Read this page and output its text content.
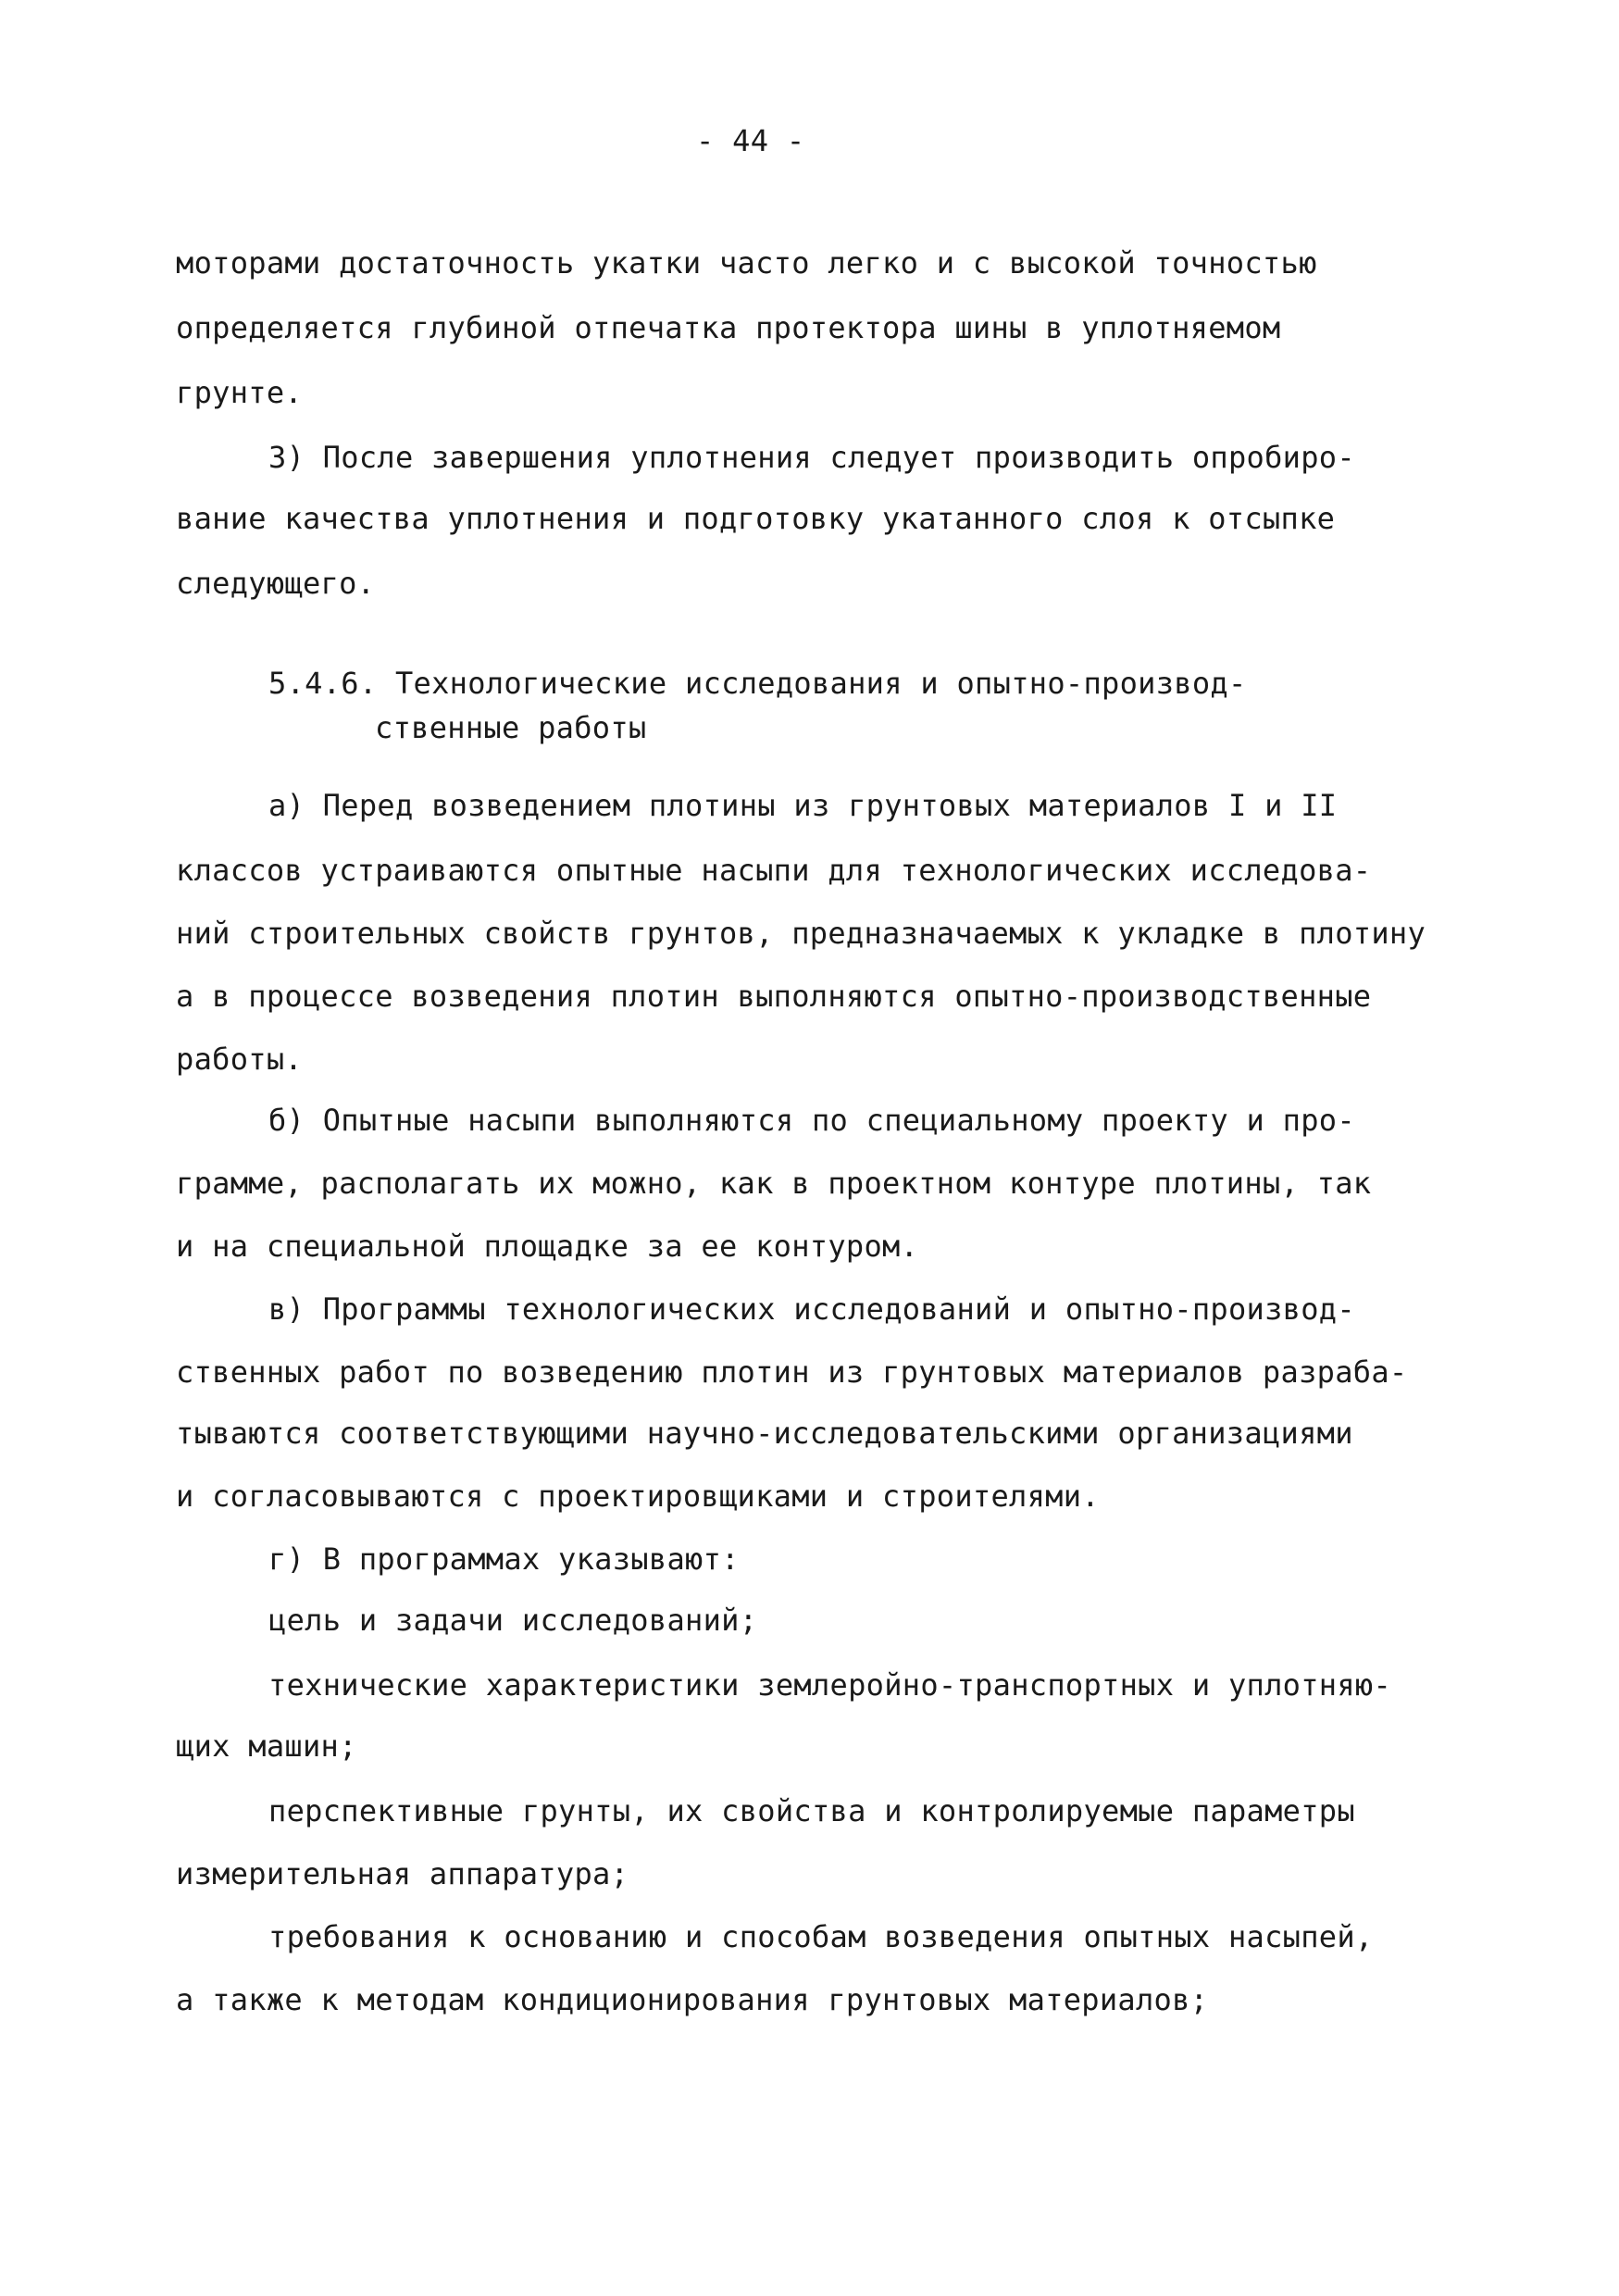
- 44 -
моторами достаточность укатки часто легко и с высокой точностью
определяется глубиной отпечатка протектора шины в уплотняемом
грунте.
3) После завершения уплотнения следует производить опробиро-
вание качества уплотнения и подготовку укатанного слоя к отсыпке
следующего.
5.4.6. Технологические исследования и опытно-производ-
ственные работы
а) Перед возведением плотины из грунтовых материалов I и II
классов устраиваются опытные насыпи для технологических исследова-
ний строительных свойств грунтов, предназначаемых к укладке в плотину
а в процессе возведения плотин выполняются опытно-производственные
работы.
б) Опытные насыпи выполняются по специальному проекту и про-
грамме, располагать их можно, как в проектном контуре плотины, так
и на специальной площадке за ее контуром.
в) Программы технологических исследований и опытно-производ-
ственных работ по возведению плотин из грунтовых материалов разраба-
тываются соответствующими научно-исследовательскими организациями
и согласовываются с проектировщиками и строителями.
г) В программах указывают:
цель и задачи исследований;
технические характеристики землеройно-транспортных и уплотняю-
щих машин;
перспективные грунты, их свойства и контролируемые параметры
измерительная аппаратура;
требования к основанию и способам возведения опытных насыпей,
а также к методам кондиционирования грунтовых материалов;
